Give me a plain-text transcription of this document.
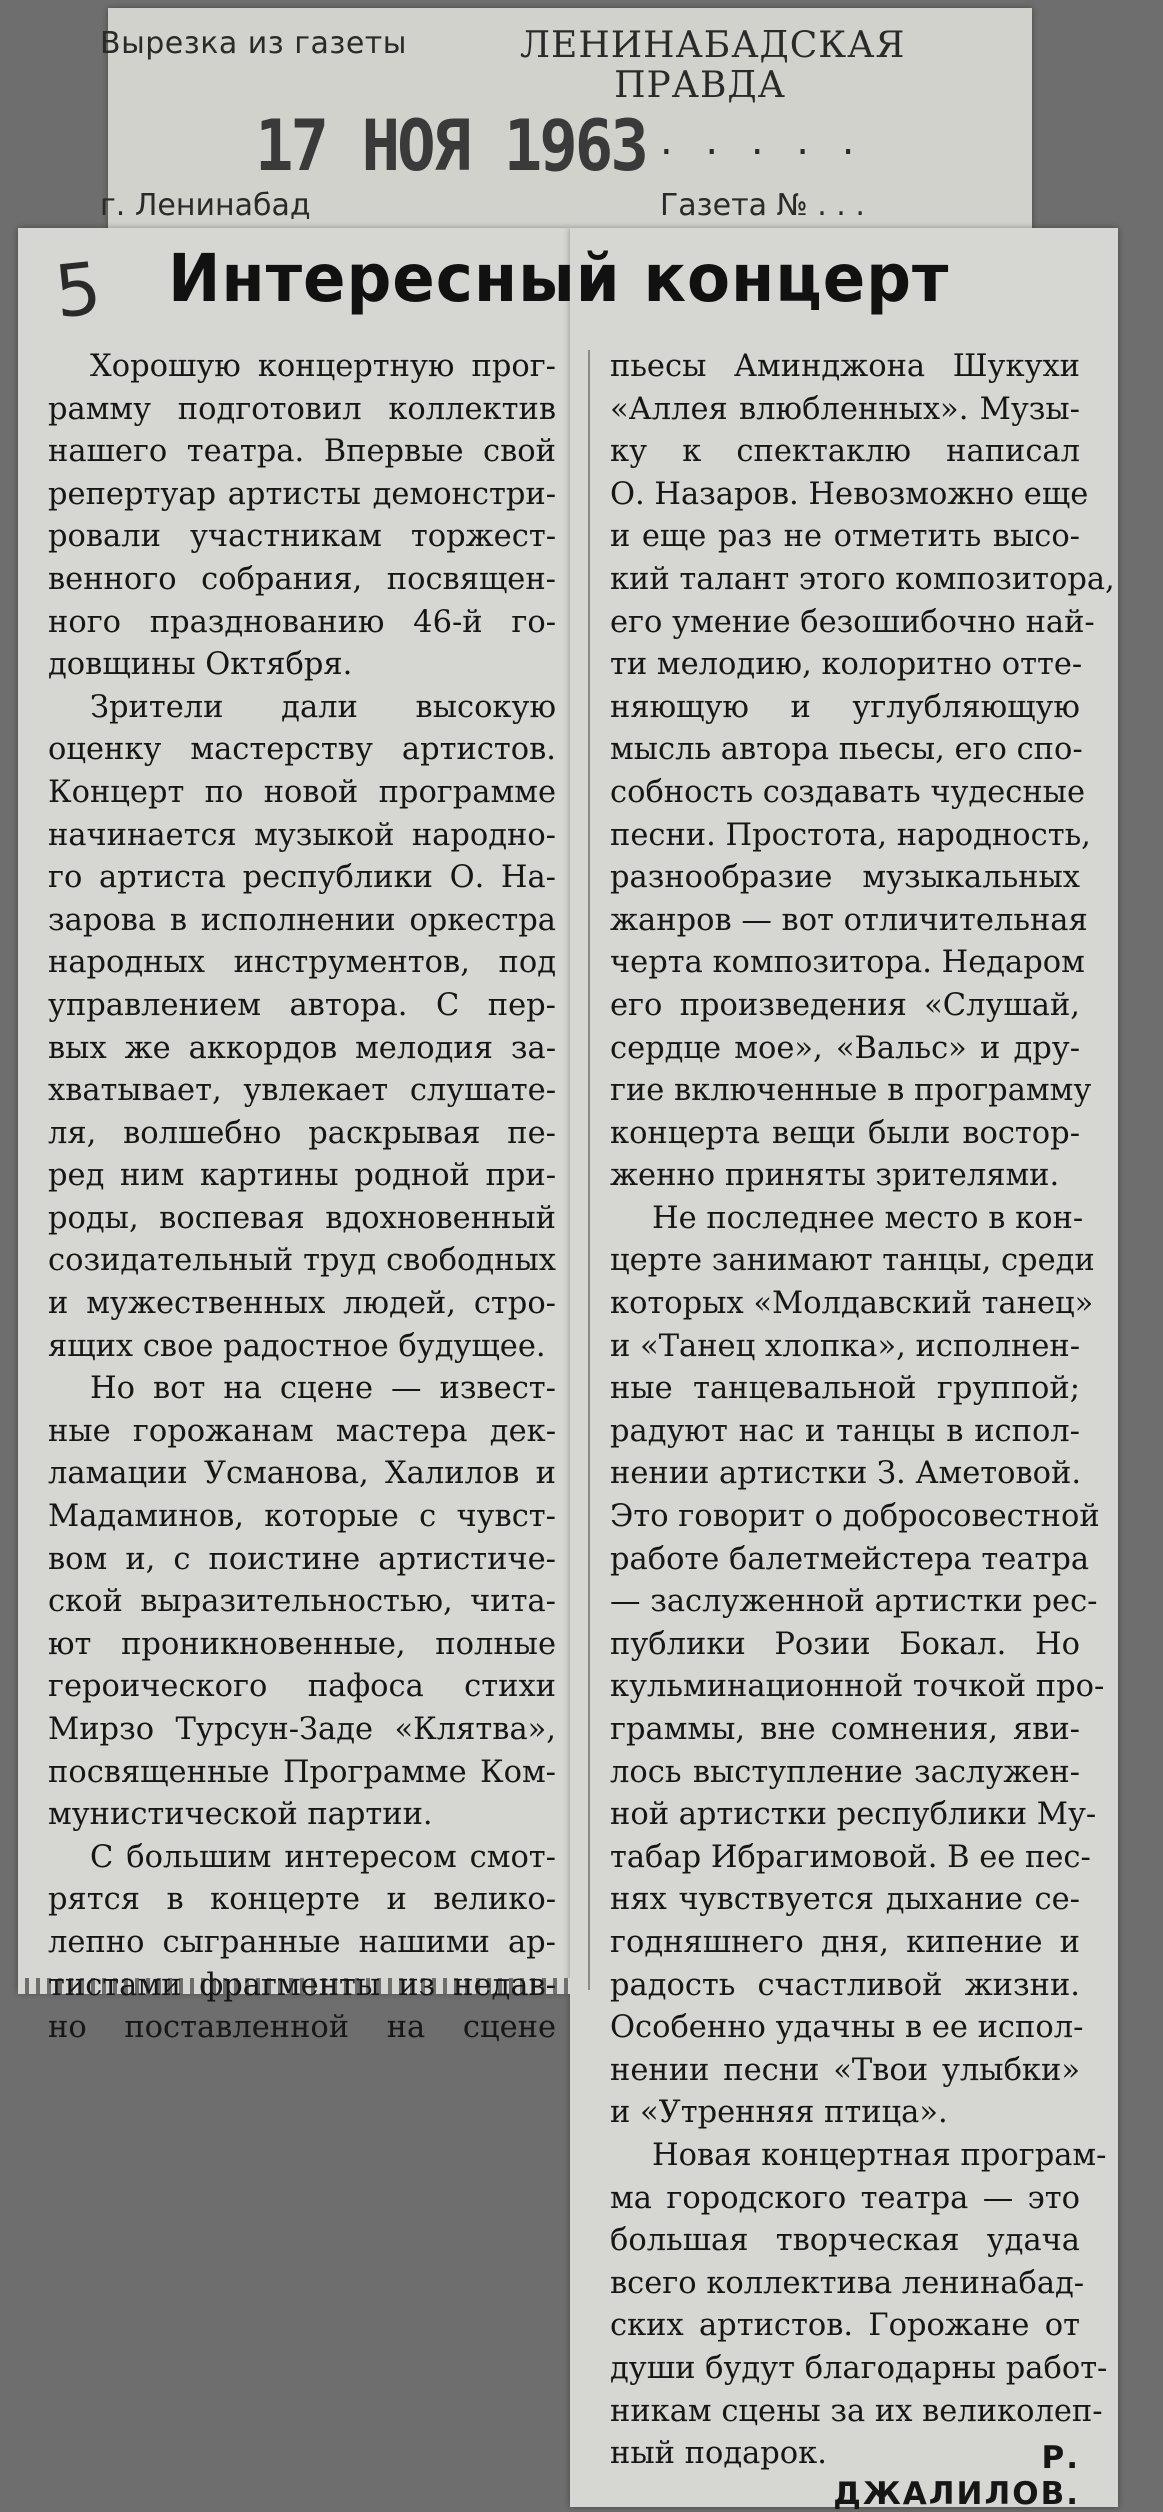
Вырезка из газеты	ЛЕНИНАБАДСКАЯ ПРАВДА
17 НОЯ 1963 . . . . .
г. Ленинабад	Газета № . . .
5 Интересный концерт
Хорошую концертную прог-
рамму подготовил коллектив
нашего театра. Впервые свой
репертуар артисты демонстри-
ровали участникам торжест-
венного собрания, посвящен-
ного празднованию 46-й го-
довщины Октября.
Зрители дали высокую
оценку мастерству артистов.
Концерт по новой программе
начинается музыкой народно-
го артиста республики О. На-
зарова в исполнении оркестра
народных инструментов, под
управлением автора. С пер-
вых же аккордов мелодия за-
хватывает, увлекает слушате-
ля, волшебно раскрывая пе-
ред ним картины родной при-
роды, воспевая вдохновенный
созидательный труд свободных
и мужественных людей, стро-
ящих свое радостное будущее.
Но вот на сцене — извест-
ные горожанам мастера дек-
ламации Усманова, Халилов и
Мадаминов, которые с чувст-
вом и, с поистине артистиче-
ской выразительностью, чита-
ют проникновенные, полные
героического пафоса стихи
Мирзо Турсун-Заде «Клятва»,
посвященные Программе Ком-
мунистической партии.
С большим интересом смот-
рятся в концерте и велико-
лепно сыгранные нашими ар-
тистами фрагменты из недав-
но поставленной на сцене
пьесы Аминджона Шукухи
«Аллея влюбленных». Музы-
ку к спектаклю написал
О. Назаров. Невозможно еще
и еще раз не отметить высо-
кий талант этого композитора,
его умение безошибочно най-
ти мелодию, колоритно отте-
няющую и углубляющую
мысль автора пьесы, его спо-
собность создавать чудесные
песни. Простота, народность,
разнообразие музыкальных
жанров — вот отличительная
черта композитора. Недаром
его произведения «Слушай,
сердце мое», «Вальс» и дру-
гие включенные в программу
концерта вещи были востор-
женно приняты зрителями.
Не последнее место в кон-
церте занимают танцы, среди
которых «Молдавский танец»
и «Танец хлопка», исполнен-
ные танцевальной группой;
радуют нас и танцы в испол-
нении артистки З. Аметовой.
Это говорит о добросовестной
работе балетмейстера театра
— заслуженной артистки рес-
публики Розии Бокал. Но
кульминационной точкой про-
граммы, вне сомнения, яви-
лось выступление заслужен-
ной артистки республики Му-
табар Ибрагимовой. В ее пес-
нях чувствуется дыхание се-
годняшнего дня, кипение и
радость счастливой жизни.
Особенно удачны в ее испол-
нении песни «Твои улыбки»
и «Утренняя птица».
Новая концертная програм-
ма городского театра — это
большая творческая удача
всего коллектива ленинабад-
ских артистов. Горожане от
души будут благодарны работ-
никам сцены за их великолеп-
ный подарок.	Р. ДЖАЛИЛОВ.
